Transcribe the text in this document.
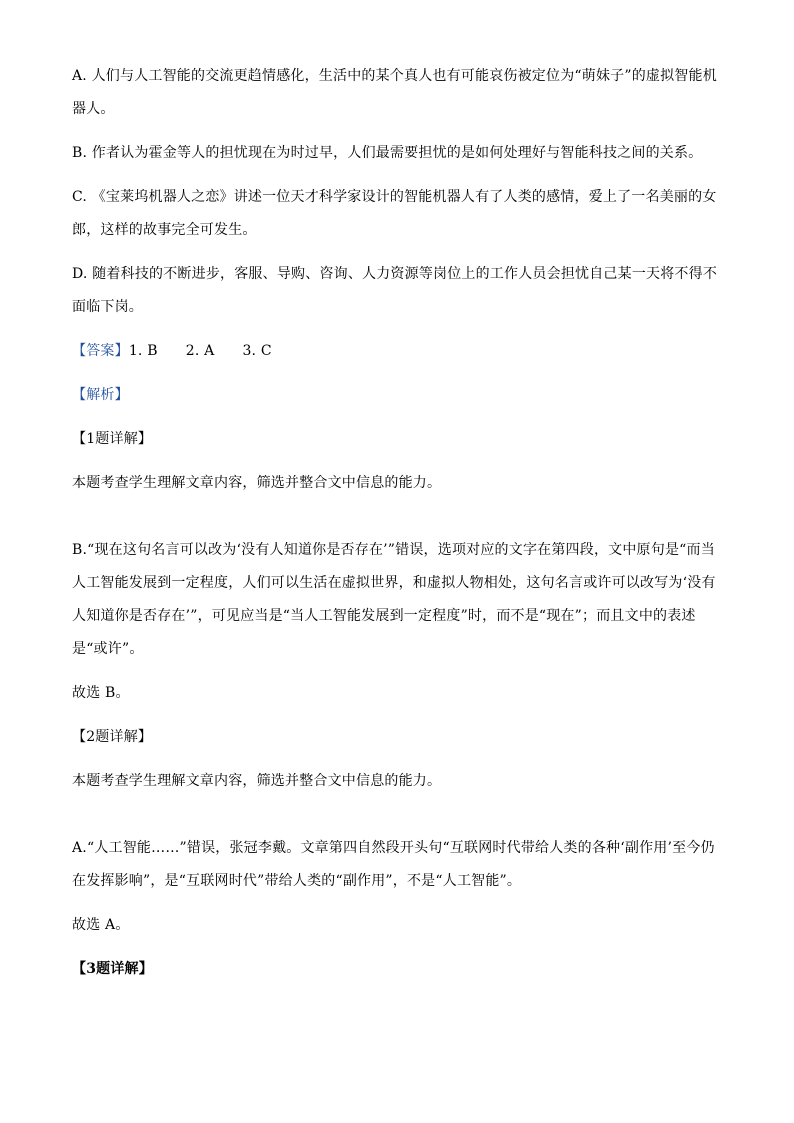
A. 人们与人工智能的交流更趋情感化，生活中的某个真人也有可能哀伤被定位为“萌妹子”的虚拟智能机器人。

B. 作者认为霍金等人的担忧现在为时过早，人们最需要担忧的是如何处理好与智能科技之间的关系。

C. 《宝莱坞机器人之恋》讲述一位天才科学家设计的智能机器人有了人类的感情，爱上了一名美丽的女郎，这样的故事完全可发生。

D. 随着科技的不断进步，客服、导购、咨询、人力资源等岗位上的工作人员会担忧自己某一天将不得不面临下岗。

【答案】1. B 2. A 3. C

【解析】

【1题详解】

本题考查学生理解文章内容，筛选并整合文中信息的能力。

B.“现在这句名言可以改为‘没有人知道你是否存在’”错误，选项对应的文字在第四段，文中原句是“而当人工智能发展到一定程度，人们可以生活在虚拟世界，和虚拟人物相处，这句名言或许可以改写为‘没有人知道你是否存在’”，可见应当是“当人工智能发展到一定程度”时，而不是“现在”；而且文中的表述是“或许”。

故选 B。

【2题详解】

本题考查学生理解文章内容，筛选并整合文中信息的能力。

A.“人工智能……”错误，张冠李戴。文章第四自然段开头句“互联网时代带给人类的各种‘副作用’至今仍在发挥影响”，是“互联网时代”带给人类的“副作用”，不是“人工智能”。

故选 A。

【3题详解】
